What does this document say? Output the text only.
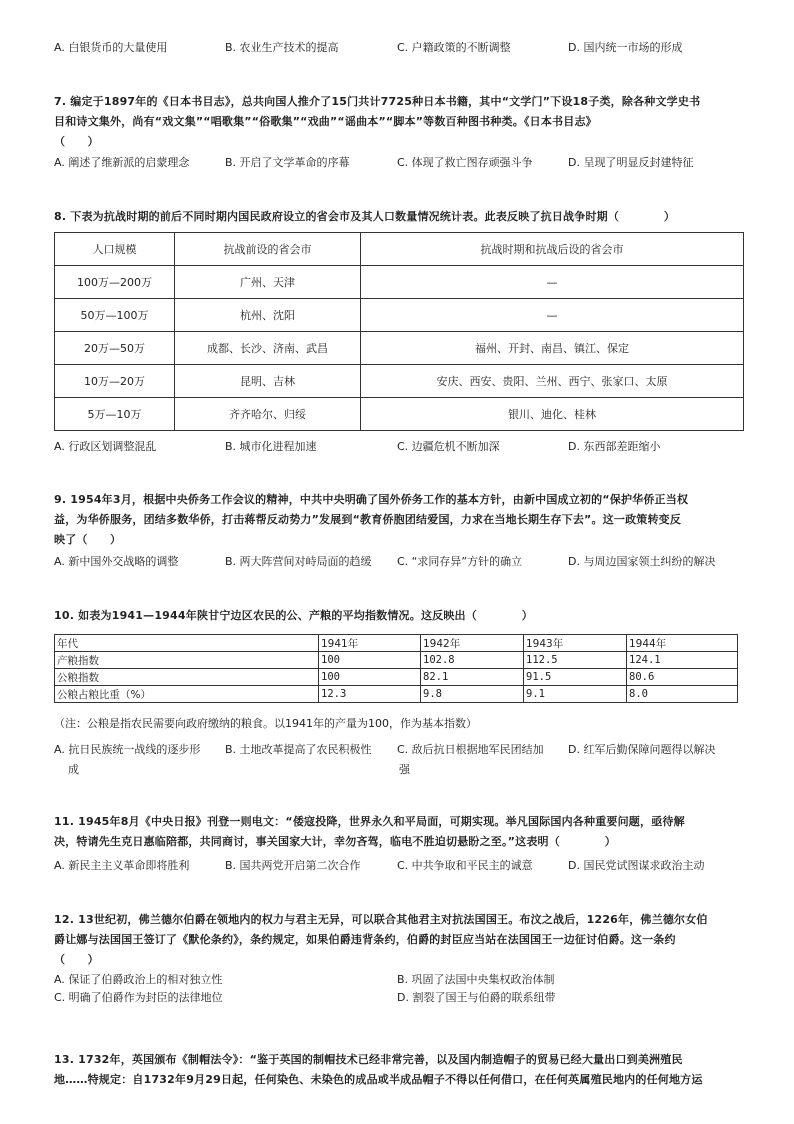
A. 白银货币的大量使用	B. 农业生产技术的提高	C. 户籍政策的不断调整	D. 国内统一市场的形成
7. 编定于1897年的《日本书目志》，总共向国人推介了15门共计7725种日本书籍，其中“文学门”下设18子类，除各种文学史书
目和诗文集外，尚有“戏文集”“唱歌集”“俗歌集”“戏曲”“谣曲本”“脚本”等数百种图书种类。《日本书目志》
（　　）
A. 阐述了维新派的启蒙理念	B. 开启了文学革命的序幕	C. 体现了救亡图存顽强斗争	D. 呈现了明显反封建特征
8. 下表为抗战时期的前后不同时期内国民政府设立的省会市及其人口数量情况统计表。此表反映了抗日战争时期（　　　　）
人口规模	抗战前设的省会市	抗战时期和抗战后设的省会市
100万—200万	广州、天津	—
50万—100万	杭州、沈阳	—
20万—50万	成都、长沙、济南、武昌	福州、开封、南昌、镇江、保定
10万—20万	昆明、吉林	安庆、西安、贵阳、兰州、西宁、张家口、太原
5万—10万	齐齐哈尔、归绥	银川、迪化、桂林
A. 行政区划调整混乱	B. 城市化进程加速	C. 边疆危机不断加深	D. 东西部差距缩小
9. 1954年3月，根据中央侨务工作会议的精神，中共中央明确了国外侨务工作的基本方针，由新中国成立初的“保护华侨正当权
益，为华侨服务，团结多数华侨，打击蒋帮反动势力”发展到“教育侨胞团结爱国，力求在当地长期生存下去”。这一政策转变反
映了（　　）
A. 新中国外交战略的调整	B. 两大阵营间对峙局面的趋缓 C. “求同存异”方针的确立	D. 与周边国家领土纠纷的解决
10. 如表为1941—1944年陕甘宁边区农民的公、产粮的平均指数情况。这反映出（　　　　）
年代	1941年	1942年	1943年	1944年
产粮指数	100	102.8	112.5	124.1
公粮指数	100	82.1	91.5	80.6
公粮占粮比重（%）	12.3	9.8	9.1	8.0
（注：公粮是指农民需要向政府缴纳的粮食。以1941年的产量为100，作为基本指数）
A. 抗日民族统一战线的逐步形
成
B. 土地改革提高了农民积极性 C. 敌后抗日根据地军民团结加
强
D. 红军后勤保障问题得以解决
11. 1945年8月《中央日报》刊登一则电文：“倭寇投降，世界永久和平局面，可期实现。举凡国际国内各种重要问题，亟待解
决，特请先生克日惠临陪都，共同商讨，事关国家大计，幸勿吝驾，临电不胜迫切悬盼之至。”这表明（　　　　）
A. 新民主主义革命即将胜利	B. 国共两党开启第二次合作	C. 中共争取和平民主的诚意	D. 国民党试图谋求政治主动
12. 13世纪初，佛兰德尔伯爵在领地内的权力与君主无异，可以联合其他君主对抗法国国王。布汶之战后，1226年，佛兰德尔女伯
爵让娜与法国国王签订了《默伦条约》，条约规定，如果伯爵违背条约，伯爵的封臣应当站在法国国王一边征讨伯爵。这一条约
（　　）
A. 保证了伯爵政治上的相对独立性	B. 巩固了法国中央集权政治体制
C. 明确了伯爵作为封臣的法律地位	D. 割裂了国王与伯爵的联系纽带
13. 1732年，英国颁布《制帽法令》：“鉴于英国的制帽技术已经非常完善，以及国内制造帽子的贸易已经大量出口到美洲殖民
地……特规定：自1732年9月29日起，任何染色、未染色的成品或半成品帽子不得以任何借口，在任何英属殖民地内的任何地方运
